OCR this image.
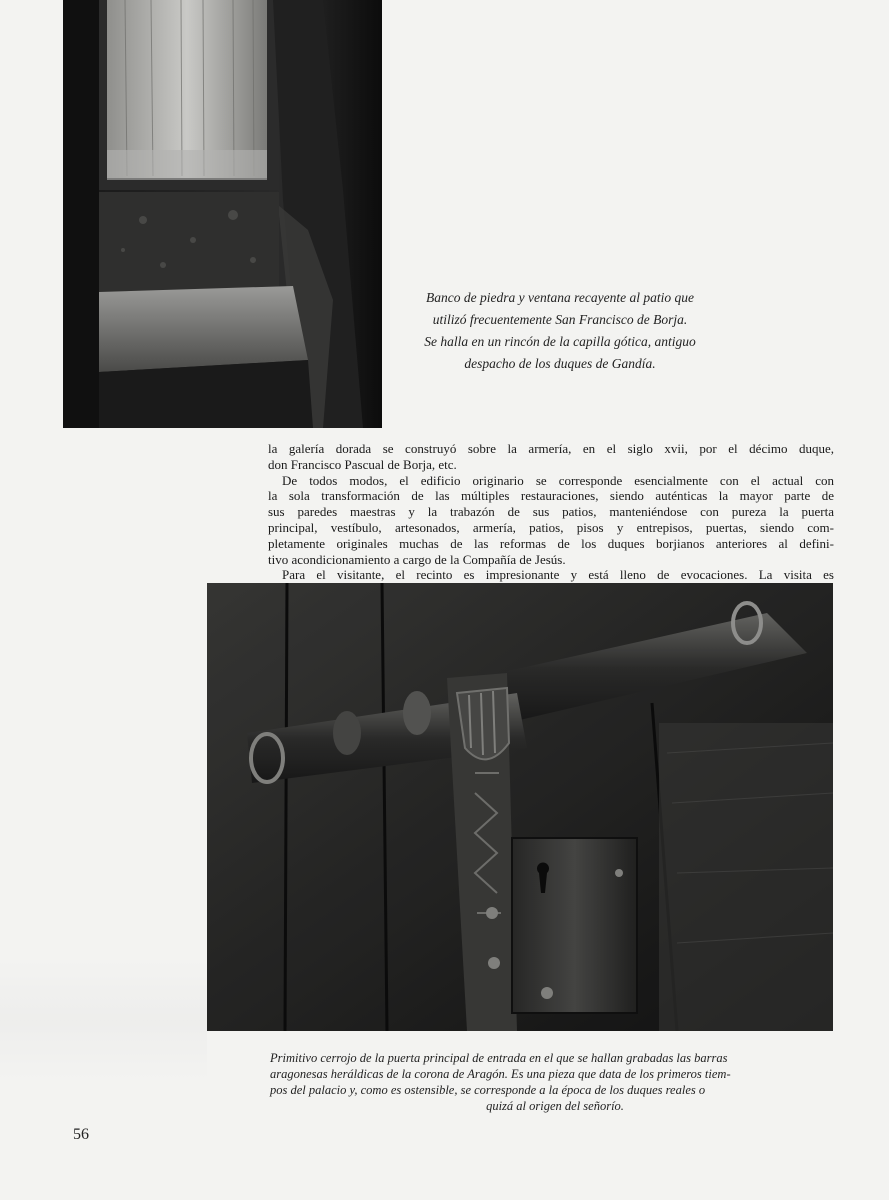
Banco de piedra y ventana recayente al patio que
utilizó frecuentemente San Francisco de Borja.
Se halla en un rincón de la capilla gótica, antiguo
despacho de los duques de Gandía.
la galería dorada se construyó sobre la armería, en el siglo xvii, por el décimo duque,
don Francisco Pascual de Borja, etc.
De todos modos, el edificio originario se corresponde esencialmente con el actual con
la sola transformación de las múltiples restauraciones, siendo auténticas la mayor parte de
sus paredes maestras y la trabazón de sus patios, manteniéndose con pureza la puerta
principal, vestíbulo, artesonados, armería, patios, pisos y entrepisos, puertas, siendo com-
pletamente originales muchas de las reformas de los duques borjianos anteriores al defini-
tivo acondicionamiento a cargo de la Compañía de Jesús.
Para el visitante, el recinto es impresionante y está lleno de evocaciones. La visita es
Primitivo cerrojo de la puerta principal de entrada en el que se hallan grabadas las barras
aragonesas heráldicas de la corona de Aragón. Es una pieza que data de los primeros tiem-
pos del palacio y, como es ostensible, se corresponde a la época de los duques reales o
quizá al origen del señorío.
56
